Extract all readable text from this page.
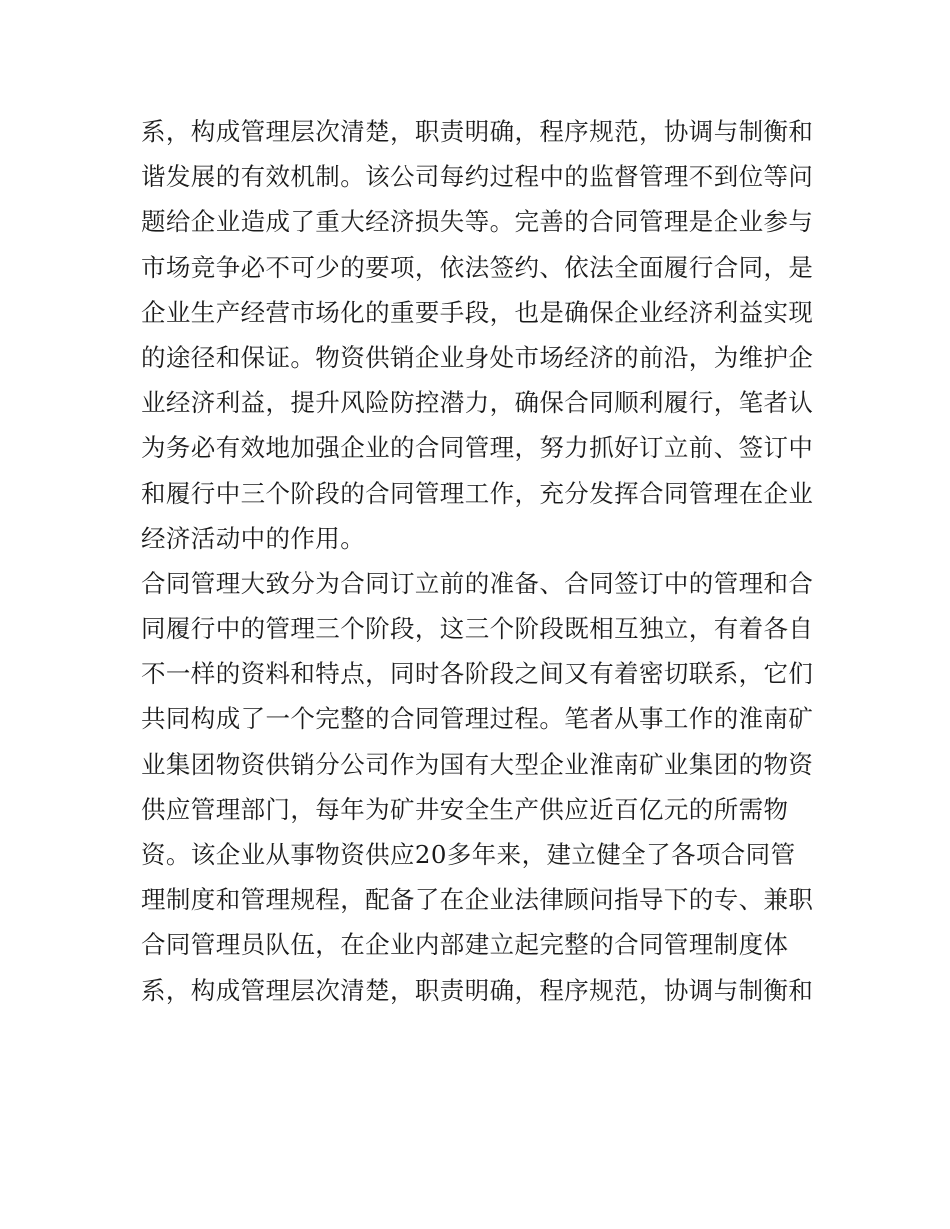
系，构成管理层次清楚，职责明确，程序规范，协调与制衡和
谐发展的有效机制。该公司每约过程中的监督管理不到位等问
题给企业造成了重大经济损失等。完善的合同管理是企业参与
市场竞争必不可少的要项，依法签约、依法全面履行合同，是
企业生产经营市场化的重要手段，也是确保企业经济利益实现
的途径和保证。物资供销企业身处市场经济的前沿，为维护企
业经济利益，提升风险防控潜力，确保合同顺利履行，笔者认
为务必有效地加强企业的合同管理，努力抓好订立前、签订中
和履行中三个阶段的合同管理工作，充分发挥合同管理在企业
经济活动中的作用。
合同管理大致分为合同订立前的准备、合同签订中的管理和合
同履行中的管理三个阶段，这三个阶段既相互独立，有着各自
不一样的资料和特点，同时各阶段之间又有着密切联系，它们
共同构成了一个完整的合同管理过程。笔者从事工作的淮南矿
业集团物资供销分公司作为国有大型企业淮南矿业集团的物资
供应管理部门，每年为矿井安全生产供应近百亿元的所需物
资。该企业从事物资供应20多年来，建立健全了各项合同管
理制度和管理规程，配备了在企业法律顾问指导下的专、兼职
合同管理员队伍，在企业内部建立起完整的合同管理制度体
系，构成管理层次清楚，职责明确，程序规范，协调与制衡和
